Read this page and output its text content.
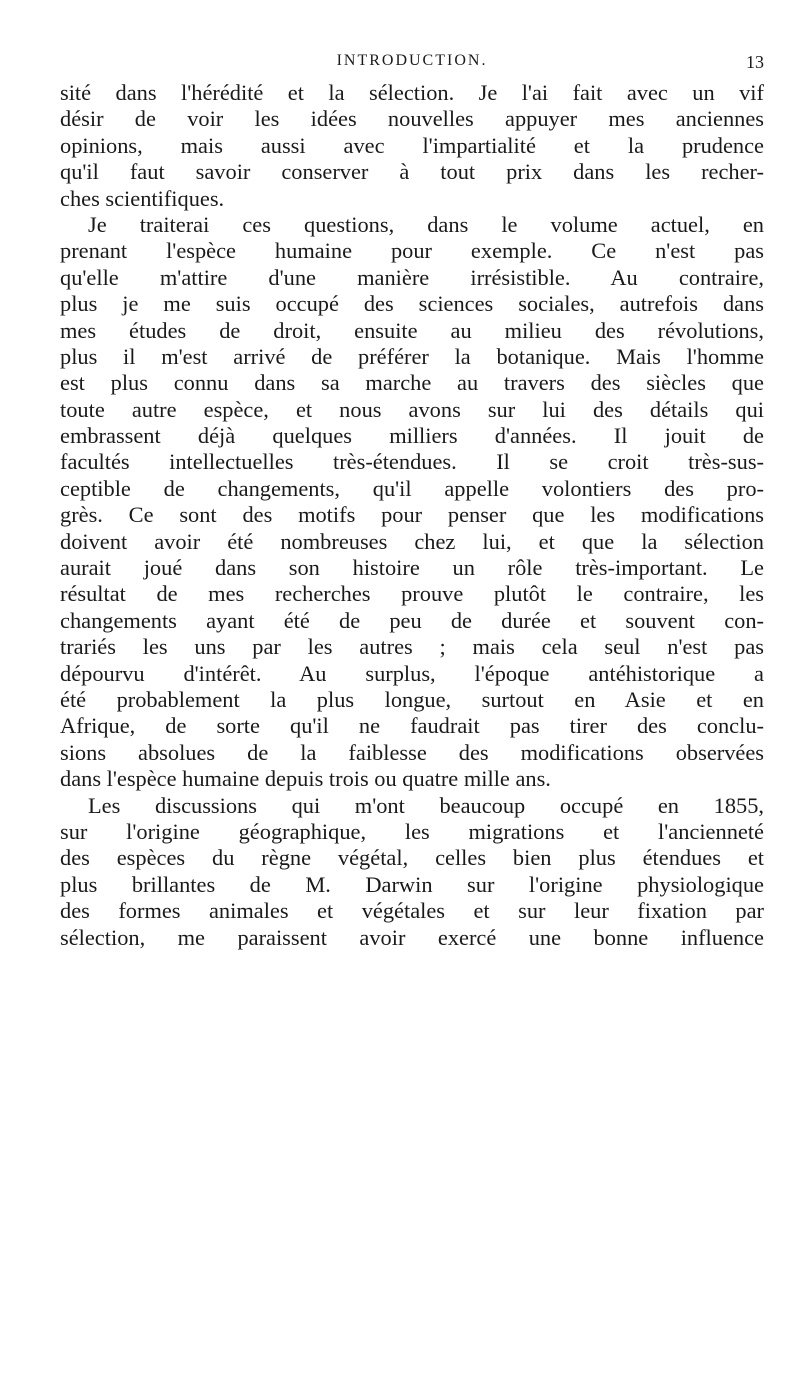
INTRODUCTION.	13
sité dans l'hérédité et la sélection. Je l'ai fait avec un vif
désir de voir les idées nouvelles appuyer mes anciennes
opinions, mais aussi avec l'impartialité et la prudence
qu'il faut savoir conserver à tout prix dans les recher-
ches scientifiques.
Je traiterai ces questions, dans le volume actuel, en
prenant l'espèce humaine pour exemple. Ce n'est pas
qu'elle m'attire d'une manière irrésistible. Au contraire,
plus je me suis occupé des sciences sociales, autrefois dans
mes études de droit, ensuite au milieu des révolutions,
plus il m'est arrivé de préférer la botanique. Mais l'homme
est plus connu dans sa marche au travers des siècles que
toute autre espèce, et nous avons sur lui des détails qui
embrassent déjà quelques milliers d'années. Il jouit de
facultés intellectuelles très-étendues. Il se croit très-sus-
ceptible de changements, qu'il appelle volontiers des pro-
grès. Ce sont des motifs pour penser que les modifications
doivent avoir été nombreuses chez lui, et que la sélection
aurait joué dans son histoire un rôle très-important. Le
résultat de mes recherches prouve plutôt le contraire, les
changements ayant été de peu de durée et souvent con-
trariés les uns par les autres ; mais cela seul n'est pas
dépourvu d'intérêt. Au surplus, l'époque antéhistorique a
été probablement la plus longue, surtout en Asie et en
Afrique, de sorte qu'il ne faudrait pas tirer des conclu-
sions absolues de la faiblesse des modifications observées
dans l'espèce humaine depuis trois ou quatre mille ans.
Les discussions qui m'ont beaucoup occupé en 1855,
sur l'origine géographique, les migrations et l'ancienneté
des espèces du règne végétal, celles bien plus étendues et
plus brillantes de M. Darwin sur l'origine physiologique
des formes animales et végétales et sur leur fixation par
sélection, me paraissent avoir exercé une bonne influence
